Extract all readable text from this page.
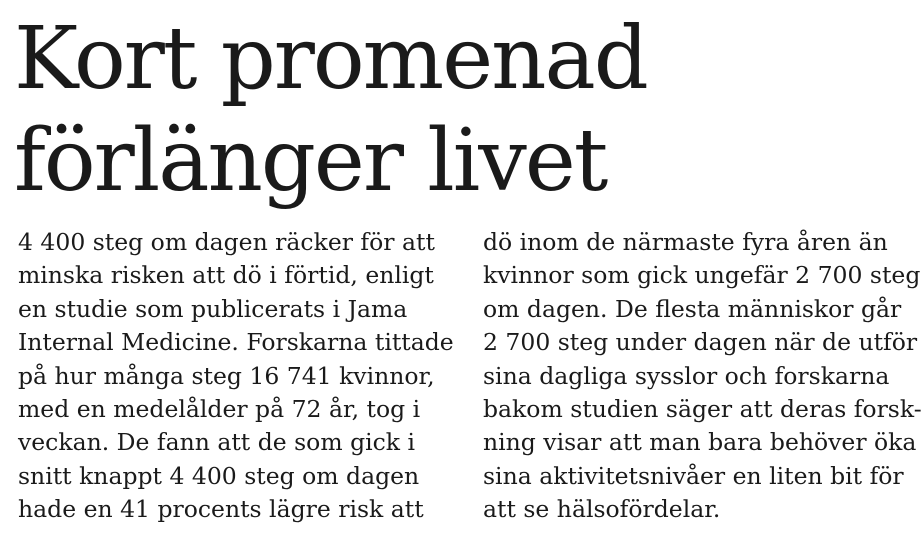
Kort promenad
förlänger livet
4 400 steg om dagen räcker för att
minska risken att dö i förtid, enligt
en studie som publicerats i Jama
Internal Medicine. Forskarna tittade
på hur många steg 16 741 kvinnor,
med en medelålder på 72 år, tog i
veckan. De fann att de som gick i
snitt knappt 4 400 steg om dagen
hade en 41 procents lägre risk att
dö inom de närmaste fyra åren än
kvinnor som gick ungefär 2 700 steg
om dagen. De flesta människor går
2 700 steg under dagen när de utför
sina dagliga sysslor och forskarna
bakom studien säger att deras forsk-
ning visar att man bara behöver öka
sina aktivitetsnivåer en liten bit för
att se hälsofördelar.
